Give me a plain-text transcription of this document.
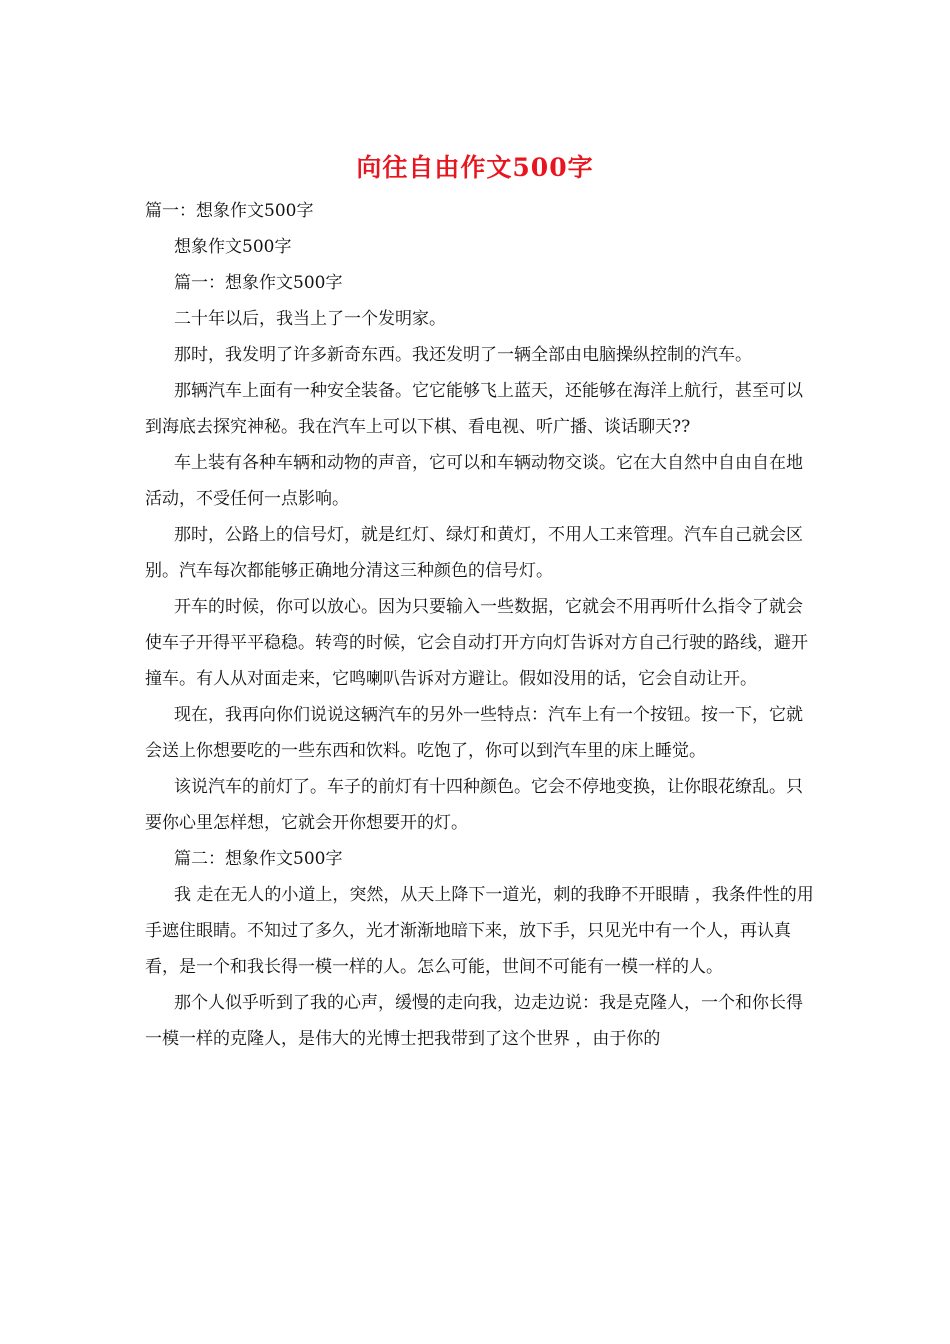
向往自由作文500字

篇一：想象作文500字

想象作文500字

篇一：想象作文500字

二十年以后，我当上了一个发明家。

那时，我发明了许多新奇东西。我还发明了一辆全部由电脑操纵控制的汽车。

那辆汽车上面有一种安全装备。它它能够飞上蓝天，还能够在海洋上航行，甚至可以到海底去探究神秘。我在汽车上可以下棋、看电视、听广播、谈话聊天??

车上装有各种车辆和动物的声音，它可以和车辆动物交谈。它在大自然中自由自在地活动，不受任何一点影响。

那时，公路上的信号灯，就是红灯、绿灯和黄灯，不用人工来管理。汽车自己就会区别。汽车每次都能够正确地分清这三种颜色的信号灯。

开车的时候，你可以放心。因为只要输入一些数据，它就会不用再听什么指令了就会使车子开得平平稳稳。转弯的时候，它会自动打开方向灯告诉对方自己行驶的路线，避开撞车。有人从对面走来，它鸣喇叭告诉对方避让。假如没用的话，它会自动让开。

现在，我再向你们说说这辆汽车的另外一些特点：汽车上有一个按钮。按一下，它就会送上你想要吃的一些东西和饮料。吃饱了，你可以到汽车里的床上睡觉。

该说汽车的前灯了。车子的前灯有十四种颜色。它会不停地变换，让你眼花缭乱。只要你心里怎样想，它就会开你想要开的灯。

篇二：想象作文500字

我 走在无人的小道上，突然，从天上降下一道光，刺的我睁不开眼睛 ，我条件性的用手遮住眼睛。不知过了多久，光才渐渐地暗下来，放下手，只见光中有一个人，再认真看，是一个和我长得一模一样的人。怎么可能，世间不可能有一模一样的人。

那个人似乎听到了我的心声，缓慢的走向我，边走边说：我是克隆人，一个和你长得一模一样的克隆人，是伟大的光博士把我带到了这个世界 ，由于你的
